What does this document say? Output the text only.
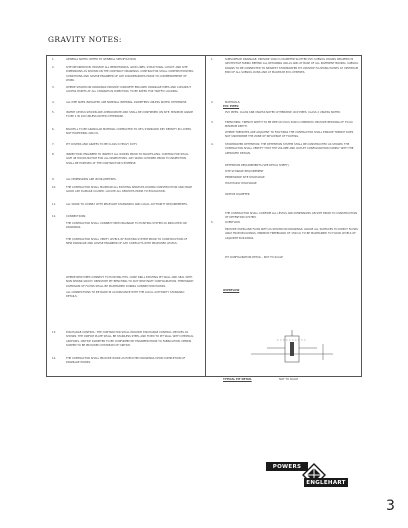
GRAVITY NOTES:
1.	GENERAL NOTES: REFER TO GENERAL SPECIFICATION.
2.	SITE INFORMATION: PROVIDE ALL BENCHMARKS, GRID LINES, STRUCTURAL LAYOUT AND SITE DIMENSIONS AS SHOWN ON THE CONTRACT DRAWINGS. CONTRACTOR SHALL CONFIRM EXISTING CONDITIONS AND ADVISE ENGINEER OF ANY DISCREPANCIES PRIOR TO COMMENCEMENT OF WORK.
3.	WHERE SHOWN ON DRAWINGS PROVIDE CONCRETE ENCASED DRAINAGE PIPES AND CLEANOUT ACCESS POINTS AT ALL CHANGES IN DIRECTION, TO BE RATED FOR TRAFFIC LOADING.
4.	ALL PIPE SIZES INDICATED ARE NOMINAL INTERNAL DIAMETERS UNLESS NOTED OTHERWISE.
5.	INVERT LEVELS SHOWN ARE APPROXIMATE AND SHALL BE CONFIRMED ON SITE. MINIMUM GRADE TO BE 1 IN 100 UNLESS NOTED OTHERWISE.
6.	BACKFILL TO BE GRANULAR MATERIAL COMPACTED TO 95% STANDARD DRY DENSITY IN LAYERS NOT EXCEEDING 200mm.
7.	PIT COVERS AND GRATES TO BE CLASS D HEAVY DUTY.
8.	INSPECTION: ENGINEER TO INSPECT ALL WORKS PRIOR TO BACKFILLING. CONTRACTOR SHALL GIVE 48 HOURS NOTICE FOR ALL INSPECTIONS. ANY WORK COVERED PRIOR TO INSPECTION SHALL BE EXPOSED AT THE CONTRACTOR'S EXPENSE.
9.	ALL DIMENSIONS ARE IN MILLIMETRES.
10.	THE CONTRACTOR SHALL MAINTAIN ALL EXISTING SERVICES DURING CONSTRUCTION AND MAKE GOOD ANY DAMAGE CAUSED. LOCATE ALL SERVICES PRIOR TO EXCAVATION.
11.	ALL WORK TO COMPLY WITH RELEVANT STANDARDS AND LOCAL AUTHORITY REQUIREMENTS.
12.	CONNECTIONS:
THE CONTRACTOR SHALL CONNECT NEW DRAINAGE TO EXISTING SYSTEM AS INDICATED ON DRAWINGS.
THE CONTRACTOR SHALL VERIFY LEVELS OF EXISTING SYSTEM PRIOR TO CONSTRUCTION OF NEW DRAINAGE AND ADVISE ENGINEER OF ANY CONFLICTS WITH PROPOSED LEVELS.
WHERE NEW PIPES CONNECT TO EXISTING PITS, CORE DRILL EXISTING PIT WALL AND SEAL WITH NON SHRINK GROUT. REINSTATE PIT BENCHING TO SUIT NEW INLET CONFIGURATION. TEMPORARY DIVERSION OF FLOWS SHALL BE MAINTAINED DURING CONNECTION WORKS.
ALL CONNECTIONS TO BE MADE IN ACCORDANCE WITH THE LOCAL AUTHORITY STANDARD DETAILS.
13.	DISCHARGE CONTROL: THE CONTRACTOR SHALL PROVIDE DISCHARGE CONTROL DEVICES AS SHOWN. THE ORIFICE PLATE SHALL BE STAINLESS STEEL AND FIXED TO PIT WALL WITH CHEMICAL ANCHORS. ORIFICE DIAMETER TO BE CONFIRMED BY ENGINEER PRIOR TO FABRICATION. DEBRIS SCREEN TO BE PROVIDED UPSTREAM OF ORIFICE.
14.	THE CONTRACTOR SHALL PROVIDE WORK AS EXECUTED DRAWINGS UPON COMPLETION OF DRAINAGE WORKS.
1.	SUBSURFACE DRAINAGE: PROVIDE 100mm DIAMETER SLOTTED PVC SUBSOIL DRAINS WRAPPED IN GEOTEXTILE FABRIC BEHIND ALL RETAINING WALLS AND AT BASE OF ALL PAVEMENT BOXING. SUBSOIL DRAINS TO BE CONNECTED TO NEAREST STORMWATER PIT. PROVIDE FLUSHING POINTS AT UPSTREAM END OF ALL SUBSOIL RUNS AND AT MAXIMUM 30m CENTRES.
2.	MATERIALS:
PVC PIPES: CLASS SN8 UNLESS NOTED OTHERWISE. RCP PIPES: CLASS 2 UNLESS NOTED.
3.	TRENCHING: TRENCH WIDTH TO BE PIPE OD PLUS 300mm MINIMUM. PROVIDE BEDDING OF 75mm MINIMUM DEPTH.
WHERE TRENCHES ARE ADJACENT TO FOOTINGS THE CONTRACTOR SHALL ENSURE TRENCH DOES NOT UNDERMINE THE ZONE OF INFLUENCE OF FOOTING.
4.	STORMWATER DETENTION: THE DETENTION SYSTEM SHALL BE CONSTRUCTED AS SHOWN. THE CONTRACTOR SHALL CERTIFY THAT THE VOLUME AND OUTLET CONFIGURATION COMPLY WITH THE APPROVED DESIGN.
DETENTION REQUIREMENTS (SEE DETAIL SHEET):
SITE STORAGE REQUIREMENT
PERMISSIBLE SITE DISCHARGE
HIGH EARLY DISCHARGE
ORIFICE DIAMETER
THE CONTRACTOR SHALL CONFIRM ALL LEVELS AND DIMENSIONS ON SITE PRIOR TO CONSTRUCTION OF DETENTION SYSTEM.
5.	OVERFLOW:
PROVIDE OVERLAND FLOW PATH AS SHOWN ON DRAWINGS. GRADE ALL SURFACES TO DIRECT FLOWS AWAY FROM BUILDINGS. MINIMUM FREEBOARD OF 150mm TO BE MAINTAINED TO FLOOR LEVELS OF ADJACENT BUILDINGS.
PIT CONFIGURATION DETAIL - NOT TO SCALE
PVC PIPES:
OVERFLOW
TYPICAL PIT DETAIL	NOT TO SCALE
POWERS
ENGLEHART
3
